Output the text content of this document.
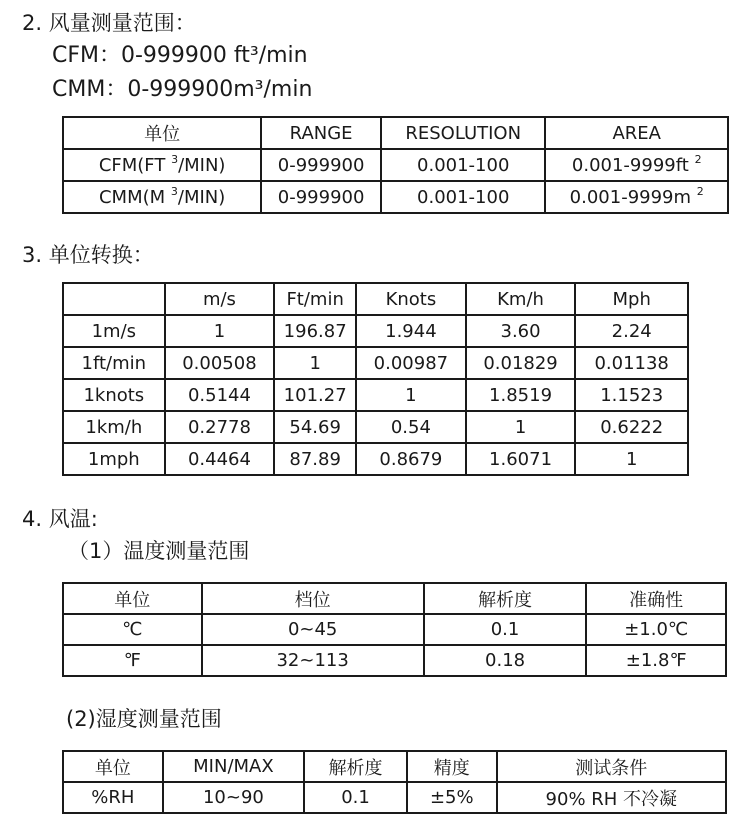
2. 风量测量范围：
CFM：0-999900 ft³/min
CMM：0-999900m³/min
单位	RANGE	RESOLUTION	AREA
CFM(FT $^3$/MIN)	0-999900	0.001-100	0.001-9999ft $^2$
CMM(M $^3$/MIN)	0-999900	0.001-100	0.001-9999m $^2$
3. 单位转换：
	m/s	Ft/min	Knots	Km/h	Mph
1m/s	1	196.87	1.944	3.60	2.24
1ft/min	0.00508	1	0.00987	0.01829	0.01138
1knots	0.5144	101.27	1	1.8519	1.1523
1km/h	0.2778	54.69	0.54	1	0.6222
1mph	0.4464	87.89	0.8679	1.6071	1
4. 风温:
（1）温度测量范围
单位	档位	解析度	准确性
℃	0~45	0.1	±1.0℃
℉	32~113	0.18	±1.8℉
(2)湿度测量范围
单位	MIN/MAX	解析度	精度	测试条件
%RH	10~90	0.1	±5%	90% RH 不冷凝
